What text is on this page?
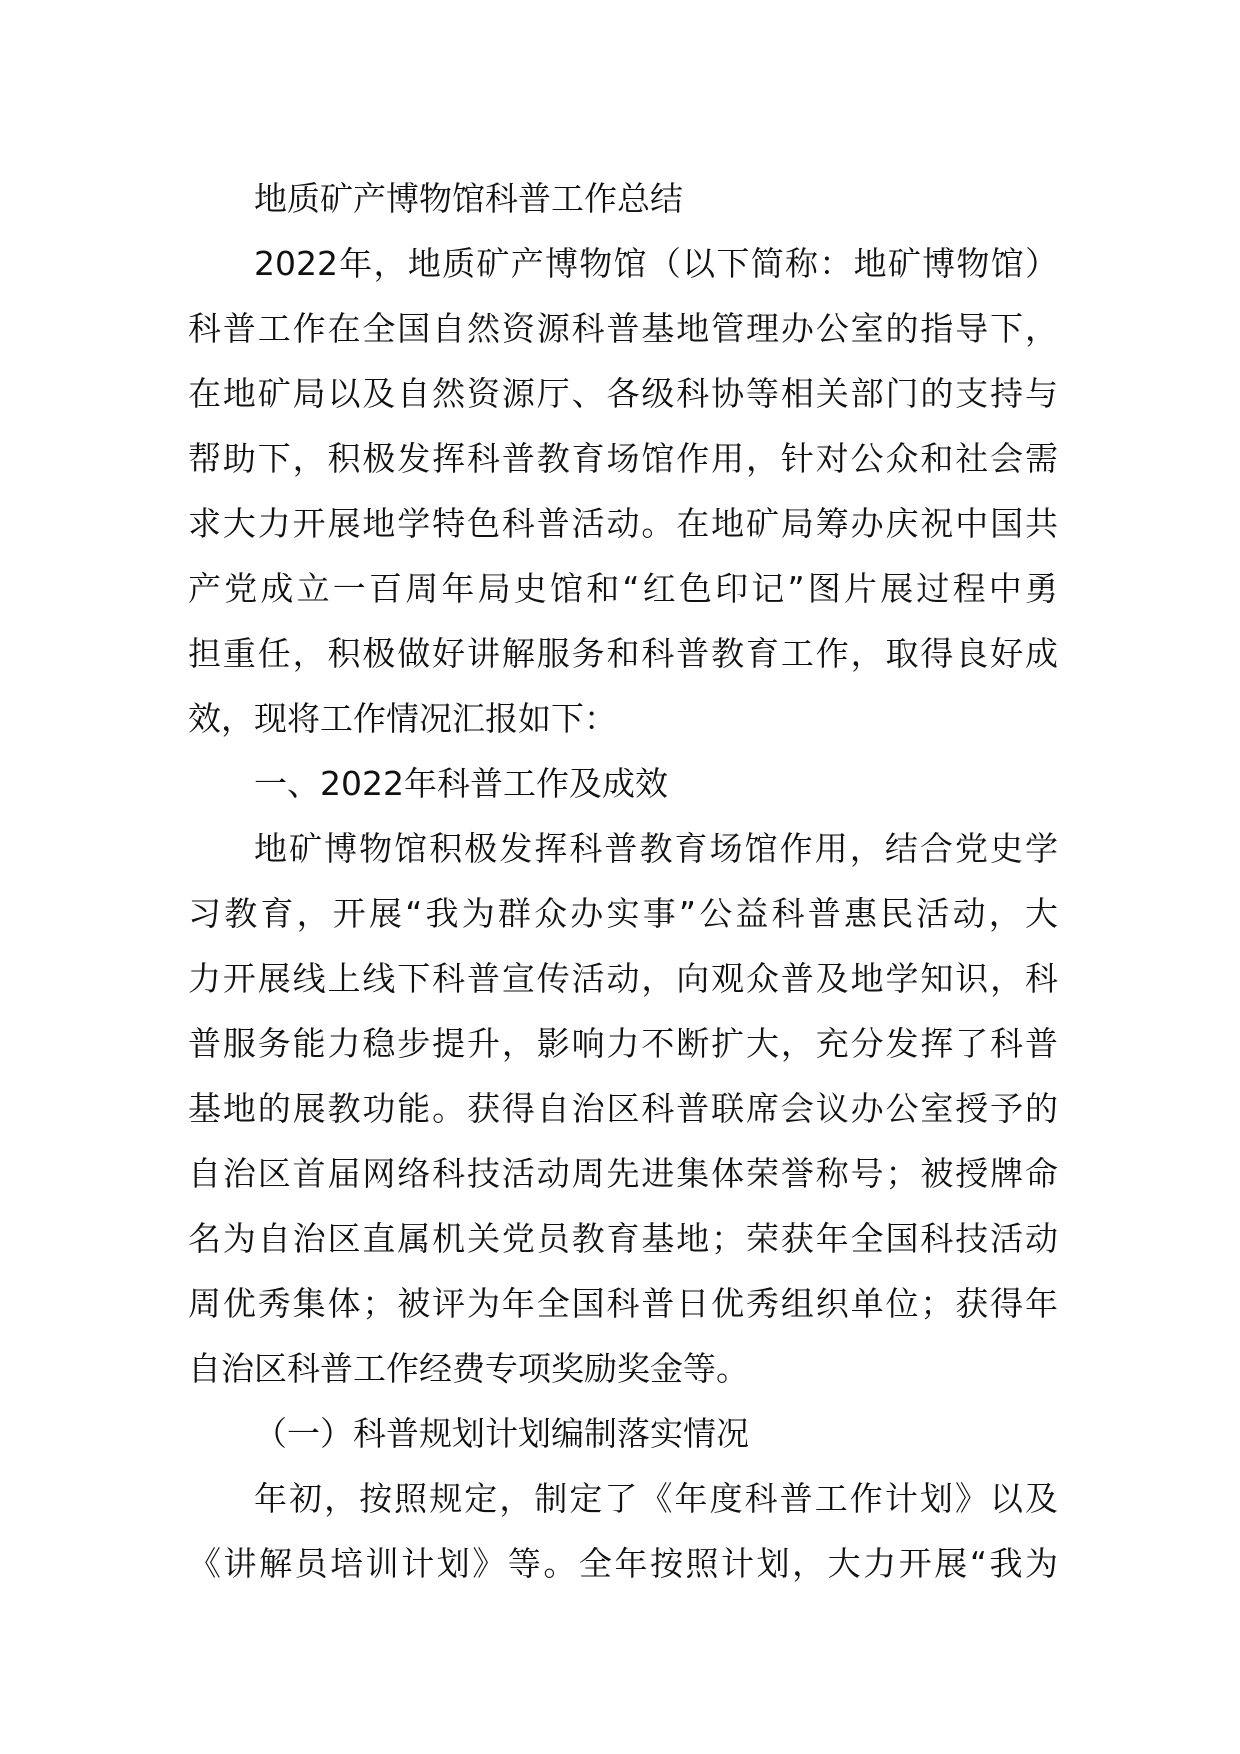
地质矿产博物馆科普工作总结
2022年，地质矿产博物馆（以下简称：地矿博物馆）
科普工作在全国自然资源科普基地管理办公室的指导下，
在地矿局以及自然资源厅、各级科协等相关部门的支持与
帮助下，积极发挥科普教育场馆作用，针对公众和社会需
求大力开展地学特色科普活动。在地矿局筹办庆祝中国共
产党成立一百周年局史馆和“红色印记”图片展过程中勇
担重任，积极做好讲解服务和科普教育工作，取得良好成
效，现将工作情况汇报如下：
一、2022年科普工作及成效
地矿博物馆积极发挥科普教育场馆作用，结合党史学
习教育，开展“我为群众办实事”公益科普惠民活动，大
力开展线上线下科普宣传活动，向观众普及地学知识，科
普服务能力稳步提升，影响力不断扩大，充分发挥了科普
基地的展教功能。获得自治区科普联席会议办公室授予的
自治区首届网络科技活动周先进集体荣誉称号；被授牌命
名为自治区直属机关党员教育基地；荣获年全国科技活动
周优秀集体；被评为年全国科普日优秀组织单位；获得年
自治区科普工作经费专项奖励奖金等。
（一）科普规划计划编制落实情况
年初，按照规定，制定了《年度科普工作计划》以及
《讲解员培训计划》等。全年按照计划，大力开展“我为
